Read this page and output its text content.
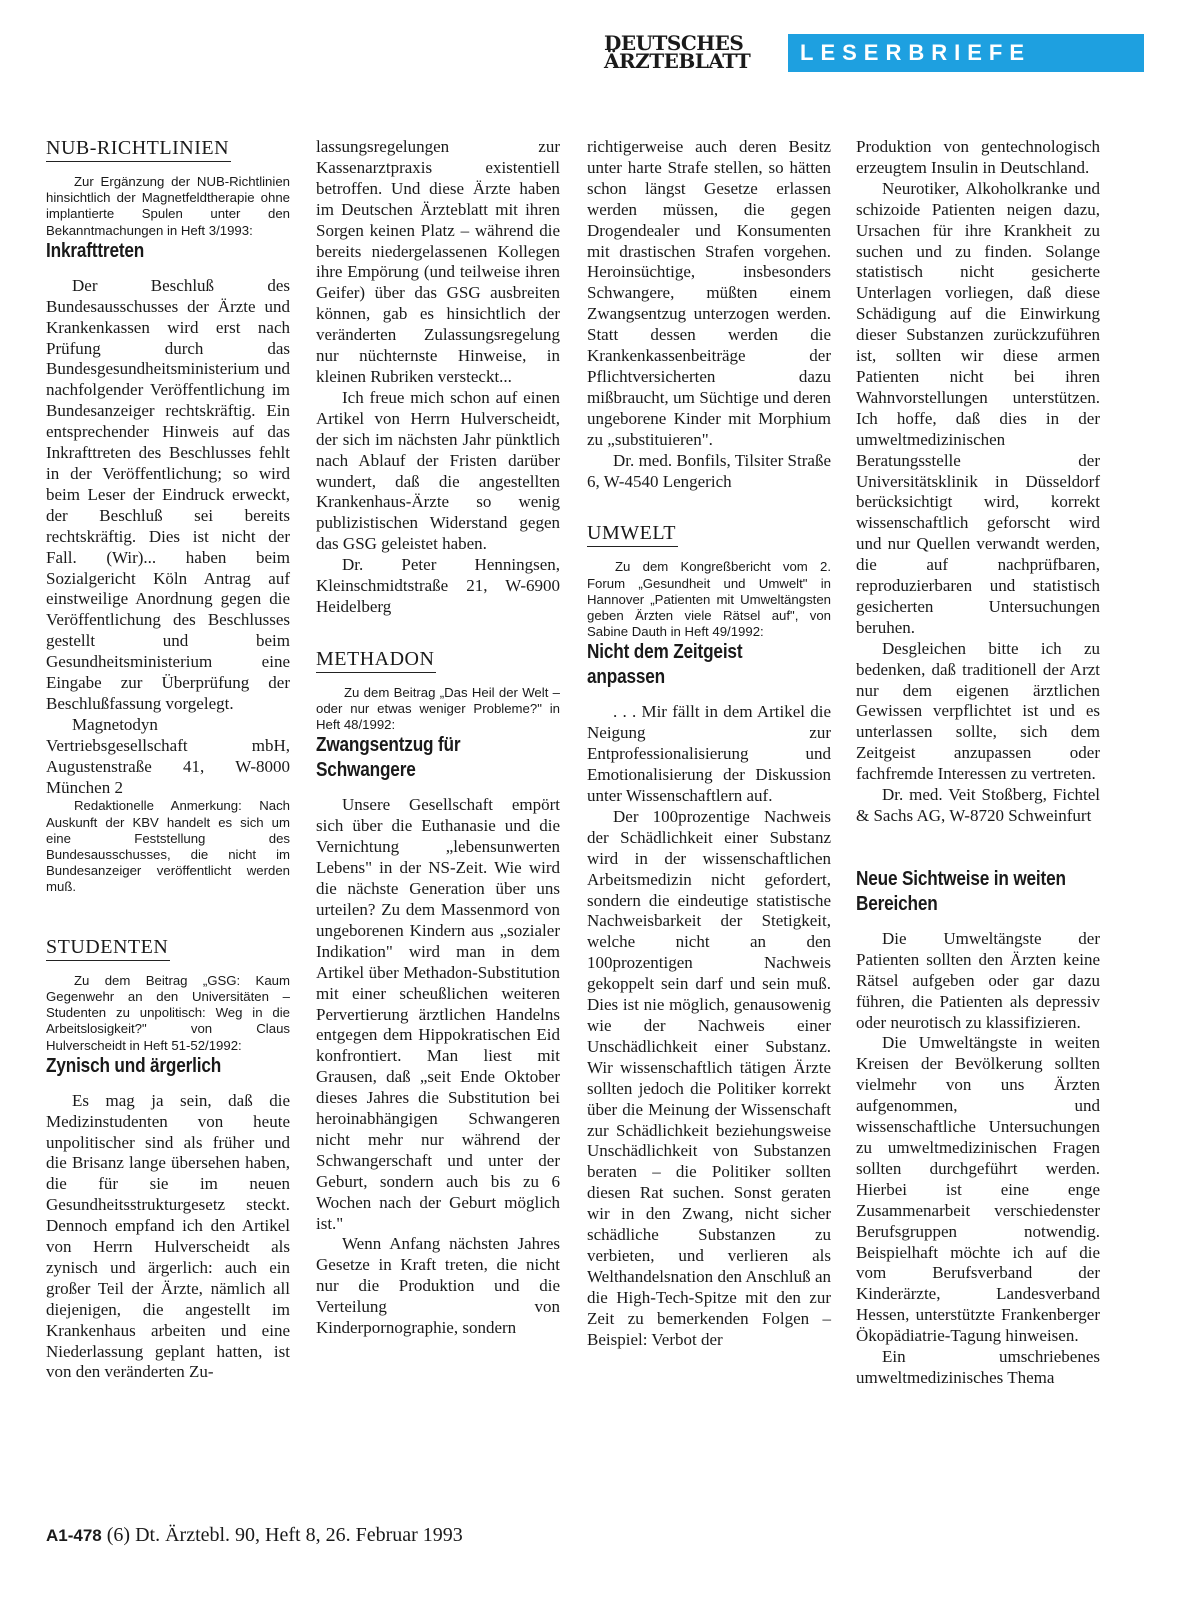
DEUTSCHES
ÄRZTEBLATT	LESERBRIEFE
NUB-RICHTLINIEN

Zur Ergänzung der NUB-Richtlinien hinsichtlich der Magnetfeldtherapie ohne implantierte Spulen unter den Bekanntmachungen in Heft 3/1993:

Inkrafttreten

Der Beschluß des Bundesausschusses der Ärzte und Krankenkassen wird erst nach Prüfung durch das Bundesgesundheitsministerium und nachfolgender Veröffentlichung im Bundesanzeiger rechtskräftig. Ein entsprechender Hinweis auf das Inkrafttreten des Beschlusses fehlt in der Veröffentlichung; so wird beim Leser der Eindruck erweckt, der Beschluß sei bereits rechtskräftig. Dies ist nicht der Fall. (Wir)... haben beim Sozialgericht Köln Antrag auf einstweilige Anordnung gegen die Veröffentlichung des Beschlusses gestellt und beim Gesundheitsministerium eine Eingabe zur Überprüfung der Beschlußfassung vorgelegt.

Magnetodyn Vertriebsgesellschaft mbH, Augustenstraße 41, W-8000 München 2

Redaktionelle Anmerkung: Nach Auskunft der KBV handelt es sich um eine Feststellung des Bundesausschusses, die nicht im Bundesanzeiger veröffentlicht werden muß.

STUDENTEN

Zu dem Beitrag „GSG: Kaum Gegenwehr an den Universitäten – Studenten zu unpolitisch: Weg in die Arbeitslosigkeit?" von Claus Hulverscheidt in Heft 51-52/1992:

Zynisch und ärgerlich

Es mag ja sein, daß die Medizinstudenten von heute unpolitischer sind als früher und die Brisanz lange übersehen haben, die für sie im neuen Gesundheitsstrukturgesetz steckt. Dennoch empfand ich den Artikel von Herrn Hulverscheidt als zynisch und ärgerlich: auch ein großer Teil der Ärzte, nämlich all diejenigen, die angestellt im Krankenhaus arbeiten und eine Niederlassung geplant hatten, ist von den veränderten Zu-

lassungsregelungen zur Kassenarztpraxis existentiell betroffen. Und diese Ärzte haben im Deutschen Ärzteblatt mit ihren Sorgen keinen Platz – während die bereits niedergelassenen Kollegen ihre Empörung (und teilweise ihren Geifer) über das GSG ausbreiten können, gab es hinsichtlich der veränderten Zulassungsregelung nur nüchternste Hinweise, in kleinen Rubriken versteckt...

Ich freue mich schon auf einen Artikel von Herrn Hulverscheidt, der sich im nächsten Jahr pünktlich nach Ablauf der Fristen darüber wundert, daß die angestellten Krankenhaus-Ärzte so wenig publizistischen Widerstand gegen das GSG geleistet haben.

Dr. Peter Henningsen, Kleinschmidtstraße 21, W-6900 Heidelberg

METHADON

Zu dem Beitrag „Das Heil der Welt – oder nur etwas weniger Probleme?" in Heft 48/1992:

Zwangsentzug für Schwangere

Unsere Gesellschaft empört sich über die Euthanasie und die Vernichtung „lebensunwerten Lebens" in der NS-Zeit. Wie wird die nächste Generation über uns urteilen? Zu dem Massenmord von ungeborenen Kindern aus „sozialer Indikation" wird man in dem Artikel über Methadon-Substitution mit einer scheußlichen weiteren Pervertierung ärztlichen Handelns entgegen dem Hippokratischen Eid konfrontiert. Man liest mit Grausen, daß „seit Ende Oktober dieses Jahres die Substitution bei heroinabhängigen Schwangeren nicht mehr nur während der Schwangerschaft und unter der Geburt, sondern auch bis zu 6 Wochen nach der Geburt möglich ist."

Wenn Anfang nächsten Jahres Gesetze in Kraft treten, die nicht nur die Produktion und die Verteilung von Kinderpornographie, sondern

richtigerweise auch deren Besitz unter harte Strafe stellen, so hätten schon längst Gesetze erlassen werden müssen, die gegen Drogendealer und Konsumenten mit drastischen Strafen vorgehen. Heroinsüchtige, insbesonders Schwangere, müßten einem Zwangsentzug unterzogen werden. Statt dessen werden die Krankenkassenbeiträge der Pflichtversicherten dazu mißbraucht, um Süchtige und deren ungeborene Kinder mit Morphium zu „substituieren".

Dr. med. Bonfils, Tilsiter Straße 6, W-4540 Lengerich

UMWELT

Zu dem Kongreßbericht vom 2. Forum „Gesundheit und Umwelt" in Hannover „Patienten mit Umweltängsten geben Ärzten viele Rätsel auf", von Sabine Dauth in Heft 49/1992:

Nicht dem Zeitgeist anpassen

. . . Mir fällt in dem Artikel die Neigung zur Entprofessionalisierung und Emotionalisierung der Diskussion unter Wissenschaftlern auf.

Der 100prozentige Nachweis der Schädlichkeit einer Substanz wird in der wissenschaftlichen Arbeitsmedizin nicht gefordert, sondern die eindeutige statistische Nachweisbarkeit der Stetigkeit, welche nicht an den 100prozentigen Nachweis gekoppelt sein darf und sein muß. Dies ist nie möglich, genausowenig wie der Nachweis einer Unschädlichkeit einer Substanz. Wir wissenschaftlich tätigen Ärzte sollten jedoch die Politiker korrekt über die Meinung der Wissenschaft zur Schädlichkeit beziehungsweise Unschädlichkeit von Substanzen beraten – die Politiker sollten diesen Rat suchen. Sonst geraten wir in den Zwang, nicht sicher schädliche Substanzen zu verbieten, und verlieren als Welthandelsnation den Anschluß an die High-Tech-Spitze mit den zur Zeit zu bemerkenden Folgen – Beispiel: Verbot der

Produktion von gentechnologisch erzeugtem Insulin in Deutschland.

Neurotiker, Alkoholkranke und schizoide Patienten neigen dazu, Ursachen für ihre Krankheit zu suchen und zu finden. Solange statistisch nicht gesicherte Unterlagen vorliegen, daß diese Schädigung auf die Einwirkung dieser Substanzen zurückzuführen ist, sollten wir diese armen Patienten nicht bei ihren Wahnvorstellungen unterstützen. Ich hoffe, daß dies in der umweltmedizinischen Beratungsstelle der Universitätsklinik in Düsseldorf berücksichtigt wird, korrekt wissenschaftlich geforscht wird und nur Quellen verwandt werden, die auf nachprüfbaren, reproduzierbaren und statistisch gesicherten Untersuchungen beruhen.

Desgleichen bitte ich zu bedenken, daß traditionell der Arzt nur dem eigenen ärztlichen Gewissen verpflichtet ist und es unterlassen sollte, sich dem Zeitgeist anzupassen oder fachfremde Interessen zu vertreten.

Dr. med. Veit Stoßberg, Fichtel & Sachs AG, W-8720 Schweinfurt

Neue Sichtweise in weiten Bereichen

Die Umweltängste der Patienten sollten den Ärzten keine Rätsel aufgeben oder gar dazu führen, die Patienten als depressiv oder neurotisch zu klassifizieren.

Die Umweltängste in weiten Kreisen der Bevölkerung sollten vielmehr von uns Ärzten aufgenommen, und wissenschaftliche Untersuchungen zu umweltmedizinischen Fragen sollten durchgeführt werden. Hierbei ist eine enge Zusammenarbeit verschiedenster Berufsgruppen notwendig. Beispielhaft möchte ich auf die vom Berufsverband der Kinderärzte, Landesverband Hessen, unterstützte Frankenberger Ökopädiatrie-Tagung hinweisen.

Ein umschriebenes umweltmedizinisches Thema

A1-478 (6) Dt. Ärztebl. 90, Heft 8, 26. Februar 1993
